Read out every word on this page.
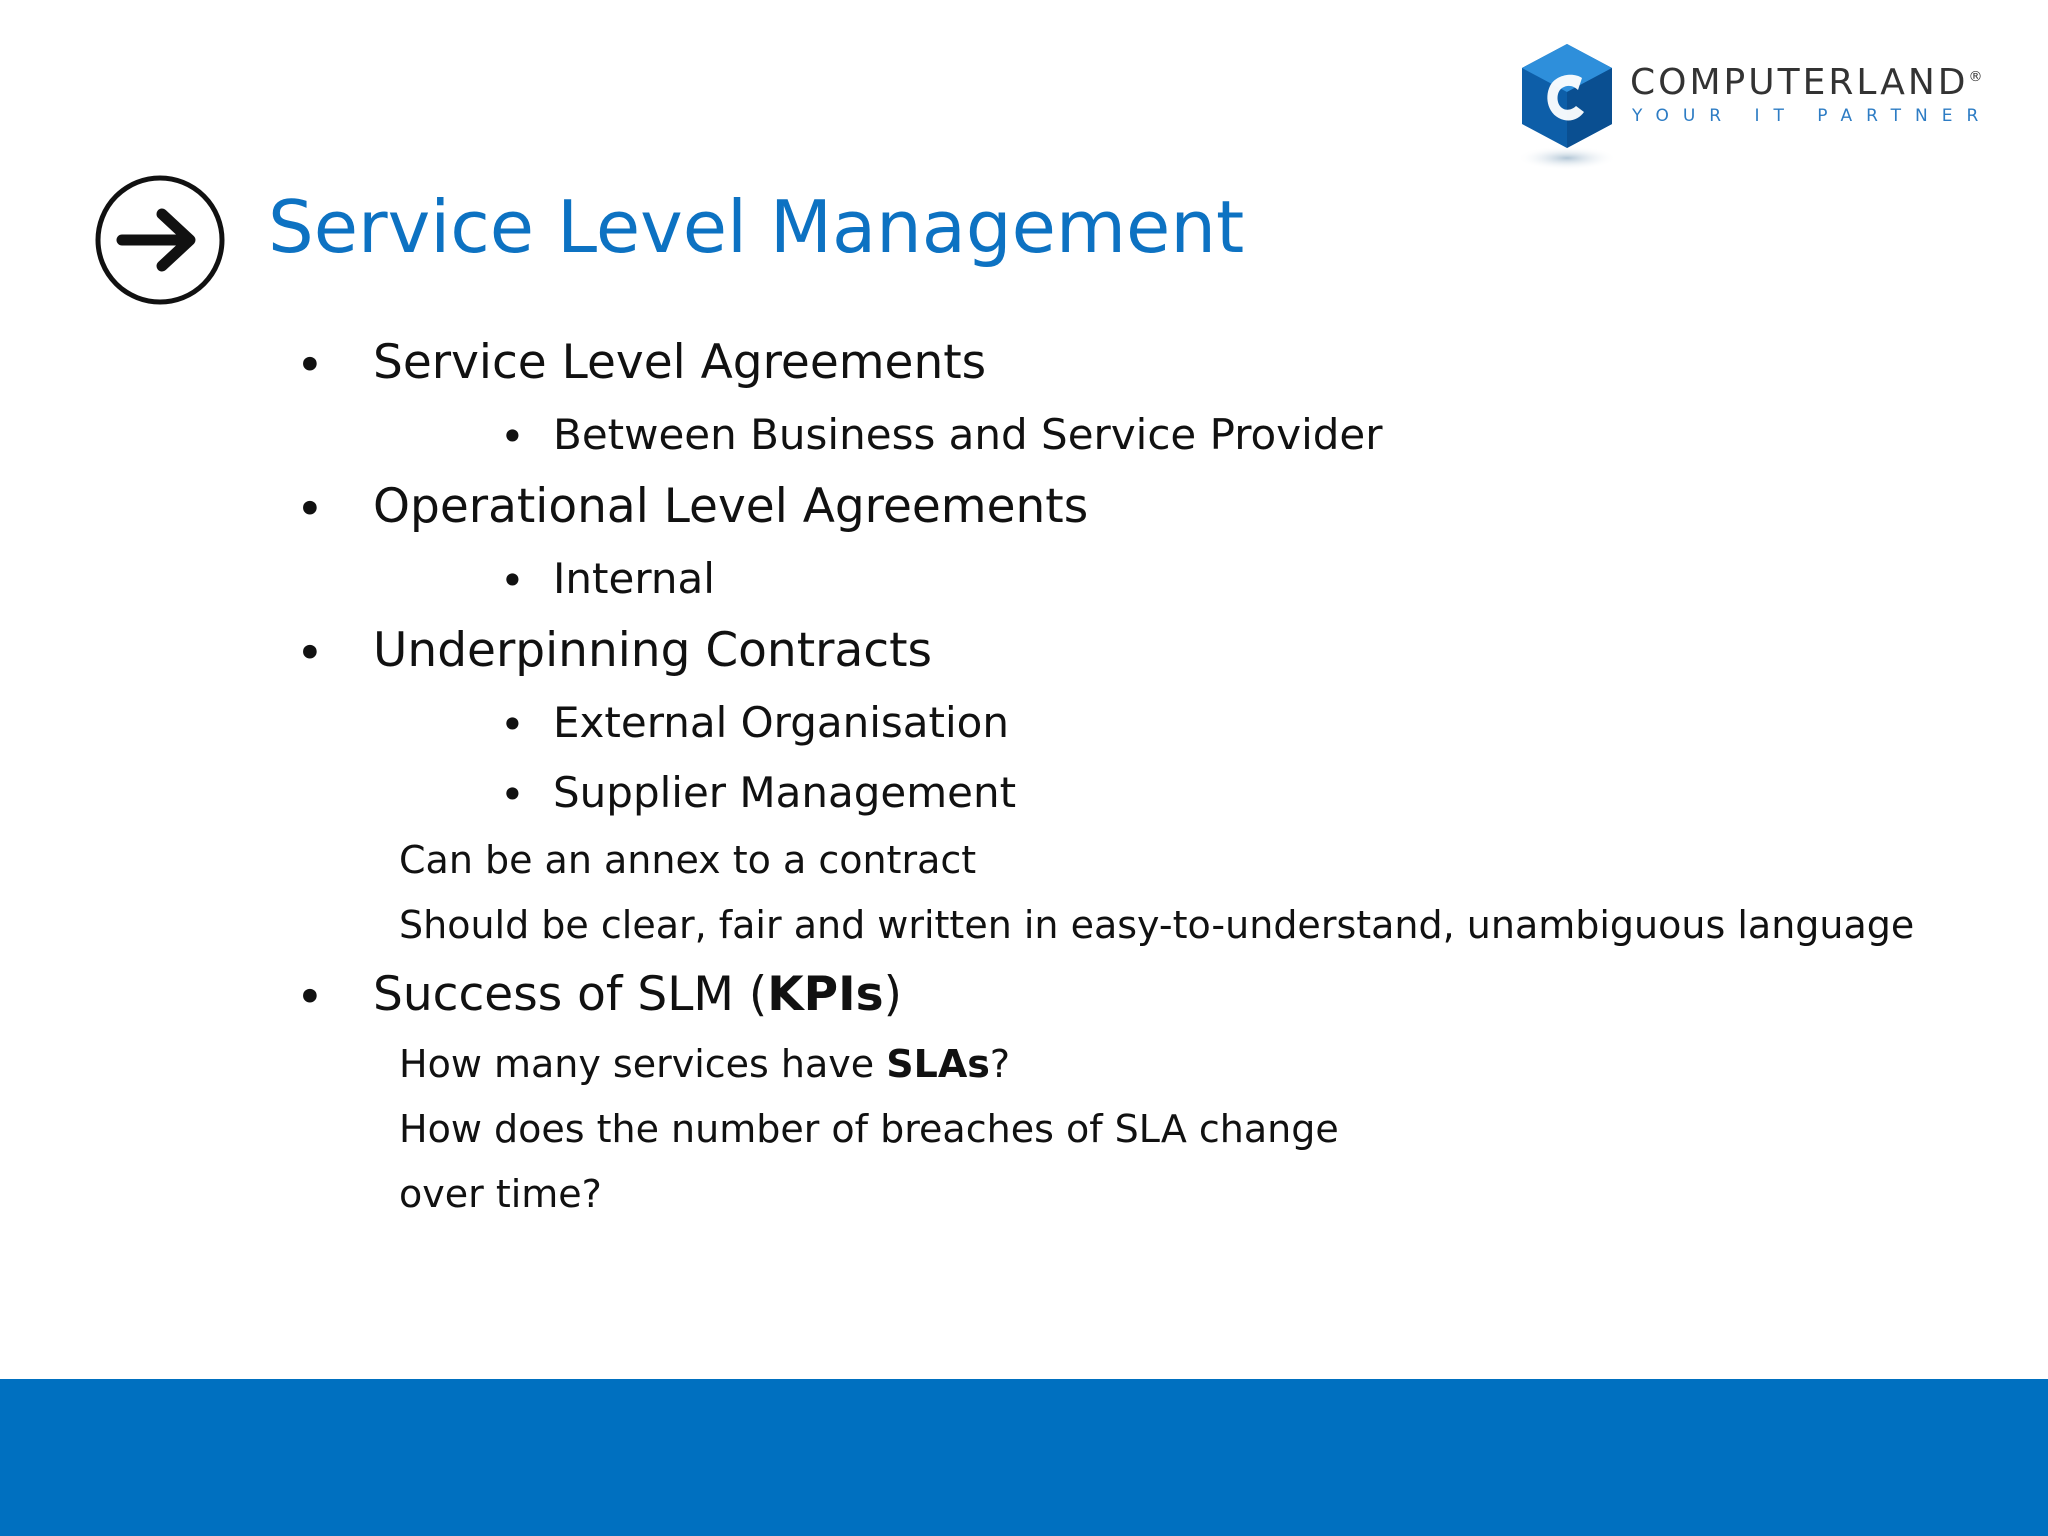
COMPUTERLAND®
YOUR IT PARTNER
Service Level Management
• Service Level Agreements
• Between Business and Service Provider
• Operational Level Agreements
• Internal
• Underpinning Contracts
• External Organisation
• Supplier Management
Can be an annex to a contract
Should be clear, fair and written in easy-to-understand, unambiguous language
• Success of SLM (KPIs)
How many services have SLAs?
How does the number of breaches of SLA change
over time?
